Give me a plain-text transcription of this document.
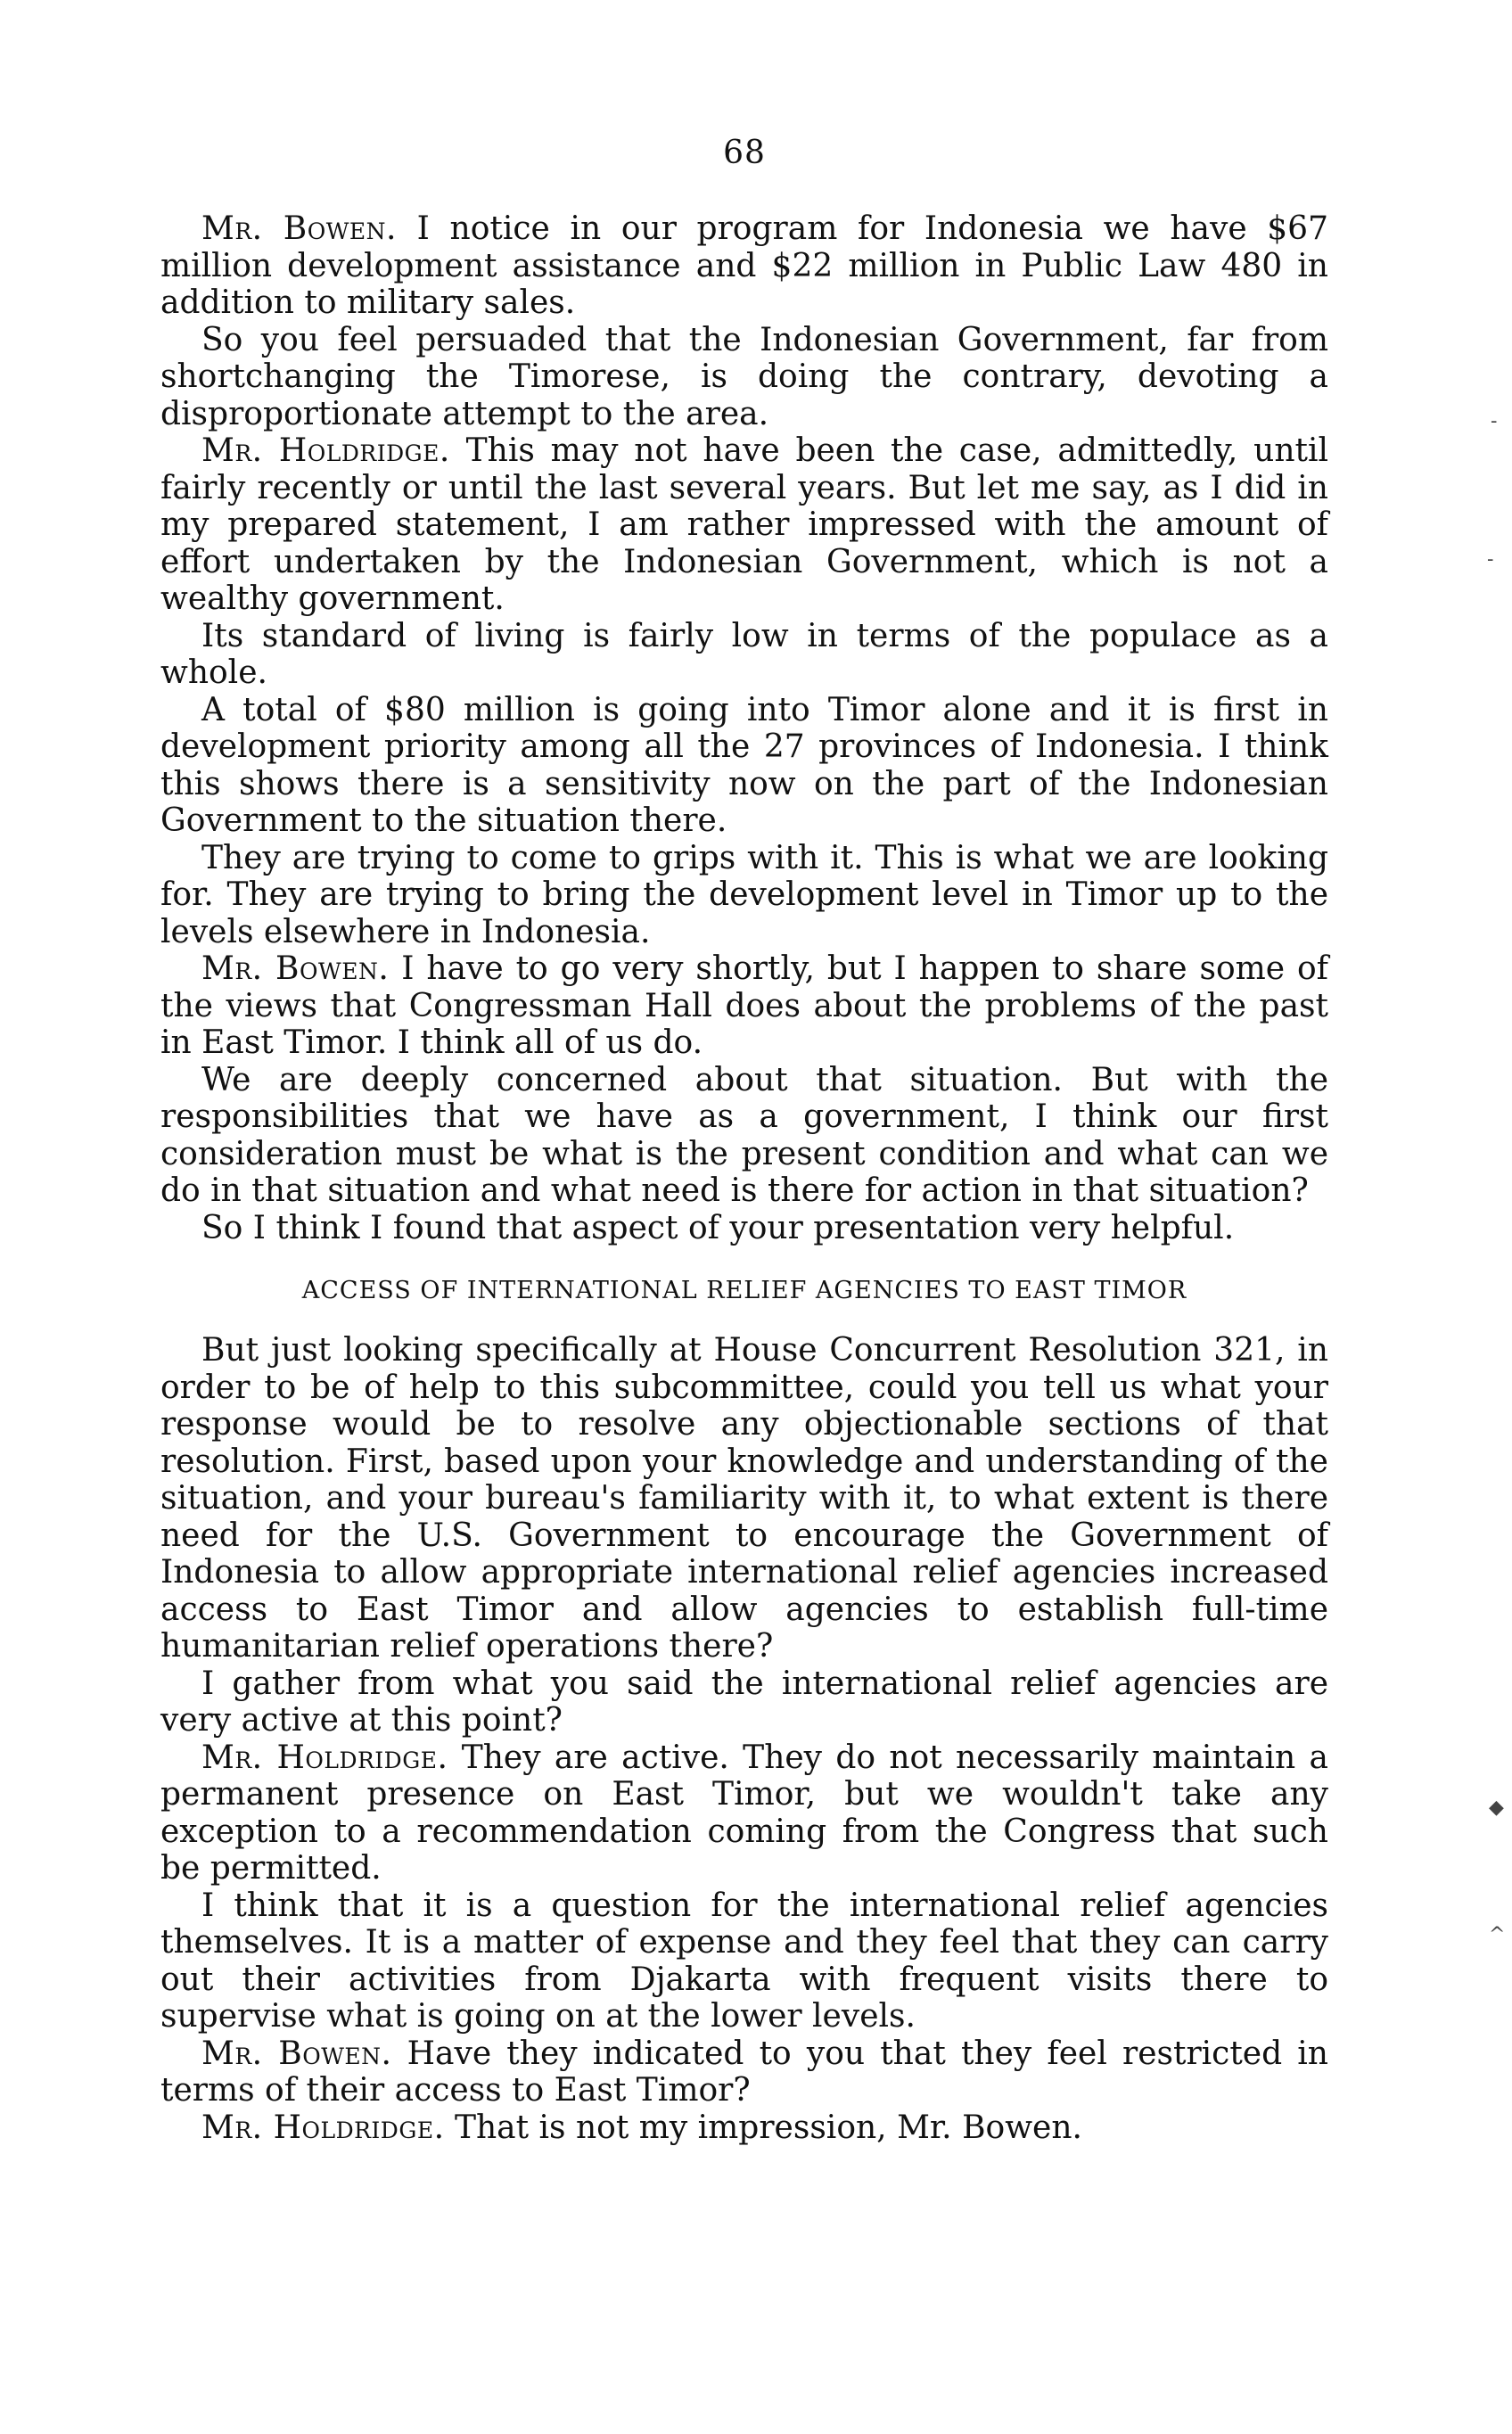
68

Mr. Bowen. I notice in our program for Indonesia we have $67 million development assistance and $22 million in Public Law 480 in addition to military sales.

So you feel persuaded that the Indonesian Government, far from shortchanging the Timorese, is doing the contrary, devoting a disproportionate attempt to the area.

Mr. Holdridge. This may not have been the case, admittedly, until fairly recently or until the last several years. But let me say, as I did in my prepared statement, I am rather impressed with the amount of effort undertaken by the Indonesian Government, which is not a wealthy government.

Its standard of living is fairly low in terms of the populace as a whole.

A total of $80 million is going into Timor alone and it is first in development priority among all the 27 provinces of Indonesia. I think this shows there is a sensitivity now on the part of the Indonesian Government to the situation there.

They are trying to come to grips with it. This is what we are looking for. They are trying to bring the development level in Timor up to the levels elsewhere in Indonesia.

Mr. Bowen. I have to go very shortly, but I happen to share some of the views that Congressman Hall does about the problems of the past in East Timor. I think all of us do.

We are deeply concerned about that situation. But with the responsibilities that we have as a government, I think our first consideration must be what is the present condition and what can we do in that situation and what need is there for action in that situation?

So I think I found that aspect of your presentation very helpful.

ACCESS OF INTERNATIONAL RELIEF AGENCIES TO EAST TIMOR

But just looking specifically at House Concurrent Resolution 321, in order to be of help to this subcommittee, could you tell us what your response would be to resolve any objectionable sections of that resolution. First, based upon your knowledge and understanding of the situation, and your bureau's familiarity with it, to what extent is there need for the U.S. Government to encourage the Government of Indonesia to allow appropriate international relief agencies increased access to East Timor and allow agencies to establish full-time humanitarian relief operations there?

I gather from what you said the international relief agencies are very active at this point?

Mr. Holdridge. They are active. They do not necessarily maintain a permanent presence on East Timor, but we wouldn't take any exception to a recommendation coming from the Congress that such be permitted.

I think that it is a question for the international relief agencies themselves. It is a matter of expense and they feel that they can carry out their activities from Djakarta with frequent visits there to supervise what is going on at the lower levels.

Mr. Bowen. Have they indicated to you that they feel restricted in terms of their access to East Timor?

Mr. Holdridge. That is not my impression, Mr. Bowen.

-
-
◆
^
